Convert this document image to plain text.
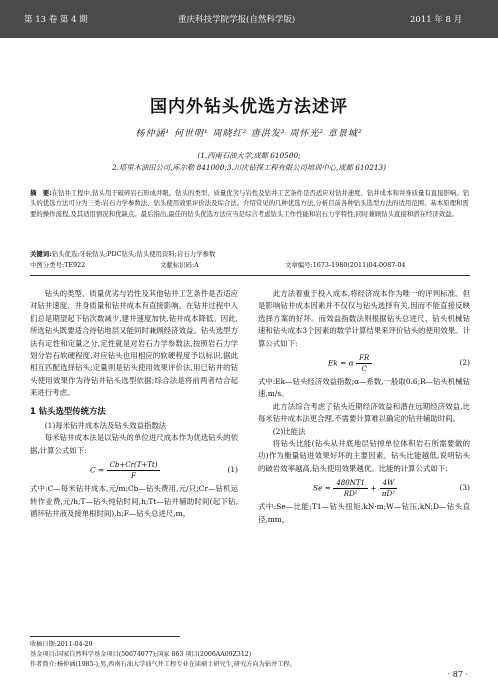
第 13 卷 第 4 期	重庆科技学院学报(自然科学版)	2011 年 8 月
国内外钻头优选方法述评
杨仲涵¹ 何世明¹ 周晓红² 唐洪发³ 周怀光² 章景城²
(1.西南石油大学,成都 610500;
2.塔里木油田公司,库尔勒 841000;3.川庆钻探工程有限公司培训中心,成都 610213)
摘　要:在钻井工程中,钻头用于破碎岩石形成井眼。钻头的类型、质量优劣与岩性及钻井工艺条件是否适应对钻井速度、钻井成本和井身质量有直接影响。钻头的优选方法可分为三类:岩石力学参数法、钻头使用效果评价法及综合法。介绍常见的几种优选方法,分析目前各种钻头选型方法的适用范围、基本原理和需要的操作流程,及其适用情况和优缺点。最后指出,最佳的钻头优选方法应当是综合考虑钻头工作性能和岩石力学特性,同时兼顾钻头直接和潜在经济效益。
关键词:钻头优选;牙轮钻头;PDC钻头;钻头使用资料;岩石力学参数
中图分类号:TE922	文献标识码:A	文章编号:1673-1980(2011)04-0087-04

钻头的类型、质量优劣与岩性及其他钻井工艺条件是否适应对钻井速度、井身质量和钻井成本有直接影响。在钻井过程中人们总是期望起下钻次数减少,建井速度加快,钻井成本降低。因此,所选钻头既要适合待钻地层又能同时兼顾经济效益。钻头选型方法有定性和定量之分,定性就是对岩石力学参数法,按照岩石力学划分岩石软硬程度,对应钻头也用相应的软硬程度予以标识,据此相互匹配选择钻头;定量则是钻头使用效果评价法,用已钻井的钻头使用效果作为待钻井钻头选型依据;综合法是将前两者结合起来进行考虑。

1 钻头选型传统方法

(1)每米钻井成本法及钻头效益指数法

每米钻井成本法是以钻头的单位进尺成本作为优选钻头的依据,计算公式如下:

$C = \frac{Cb+Cr(T+Tt)}{F}$	(1)

式中:C—每米钻井成本,元/m;Cb—钻头费用,元/只;Cr—钻机运转作业费,元/h;T—钻头纯钻时间,h;Tt—钻井辅助时间(起下钻,循环钻井液及接单根时间),h;F—钻头总进尺,m。

此方法着重于投入成本,将经济成本作为唯一的评判标准。但是影响钻井成本因素并不仅仅与钻头选择有关,因而不能直接反映选择方案的好坏。而效益指数法则根据钻头总进尺、钻头机械钻速和钻头成本3个因素的数学计算结果来评价钻头的使用效果。计算公式如下:

Ek = α $\frac{FR}{C}$	(2)

式中:Ek—钻头经济效益指数;α—系数,一般取0.6;R—钻头机械钻速,m/s。

此方法综合考虑了钻头近期经济效益和潜在远期经济效益,比每米钻井成本法更合理,不需要计算难以确定的钻井辅助时间。

(2)比能法

将钻头比能(钻头从井底地层钻掉单位体积岩石所需要做的功)作为衡量钻进效果好坏的主要因素。钻头比能越低,说明钻头的破岩效率越高,钻头使用效果越优。比能的计算公式如下:

$Se = \frac{480NT1}{\text{RD²}} + \frac{4W}{\text{πD²}}$	(3)

式中:Se—比能;T1—钻头扭矩,kN·m;W—钻压,kN;D—钻头直径,mm。

收稿日期:2011-04-29
基金项目:国家自然科学基金项目(50674077);国家 863 项目(2006AA09Z312)
作者简介:杨仲涵(1985-),男,西南石油大学油气井工程专业在读硕士研究生,研究方向为钻井工程。
· 87 ·
